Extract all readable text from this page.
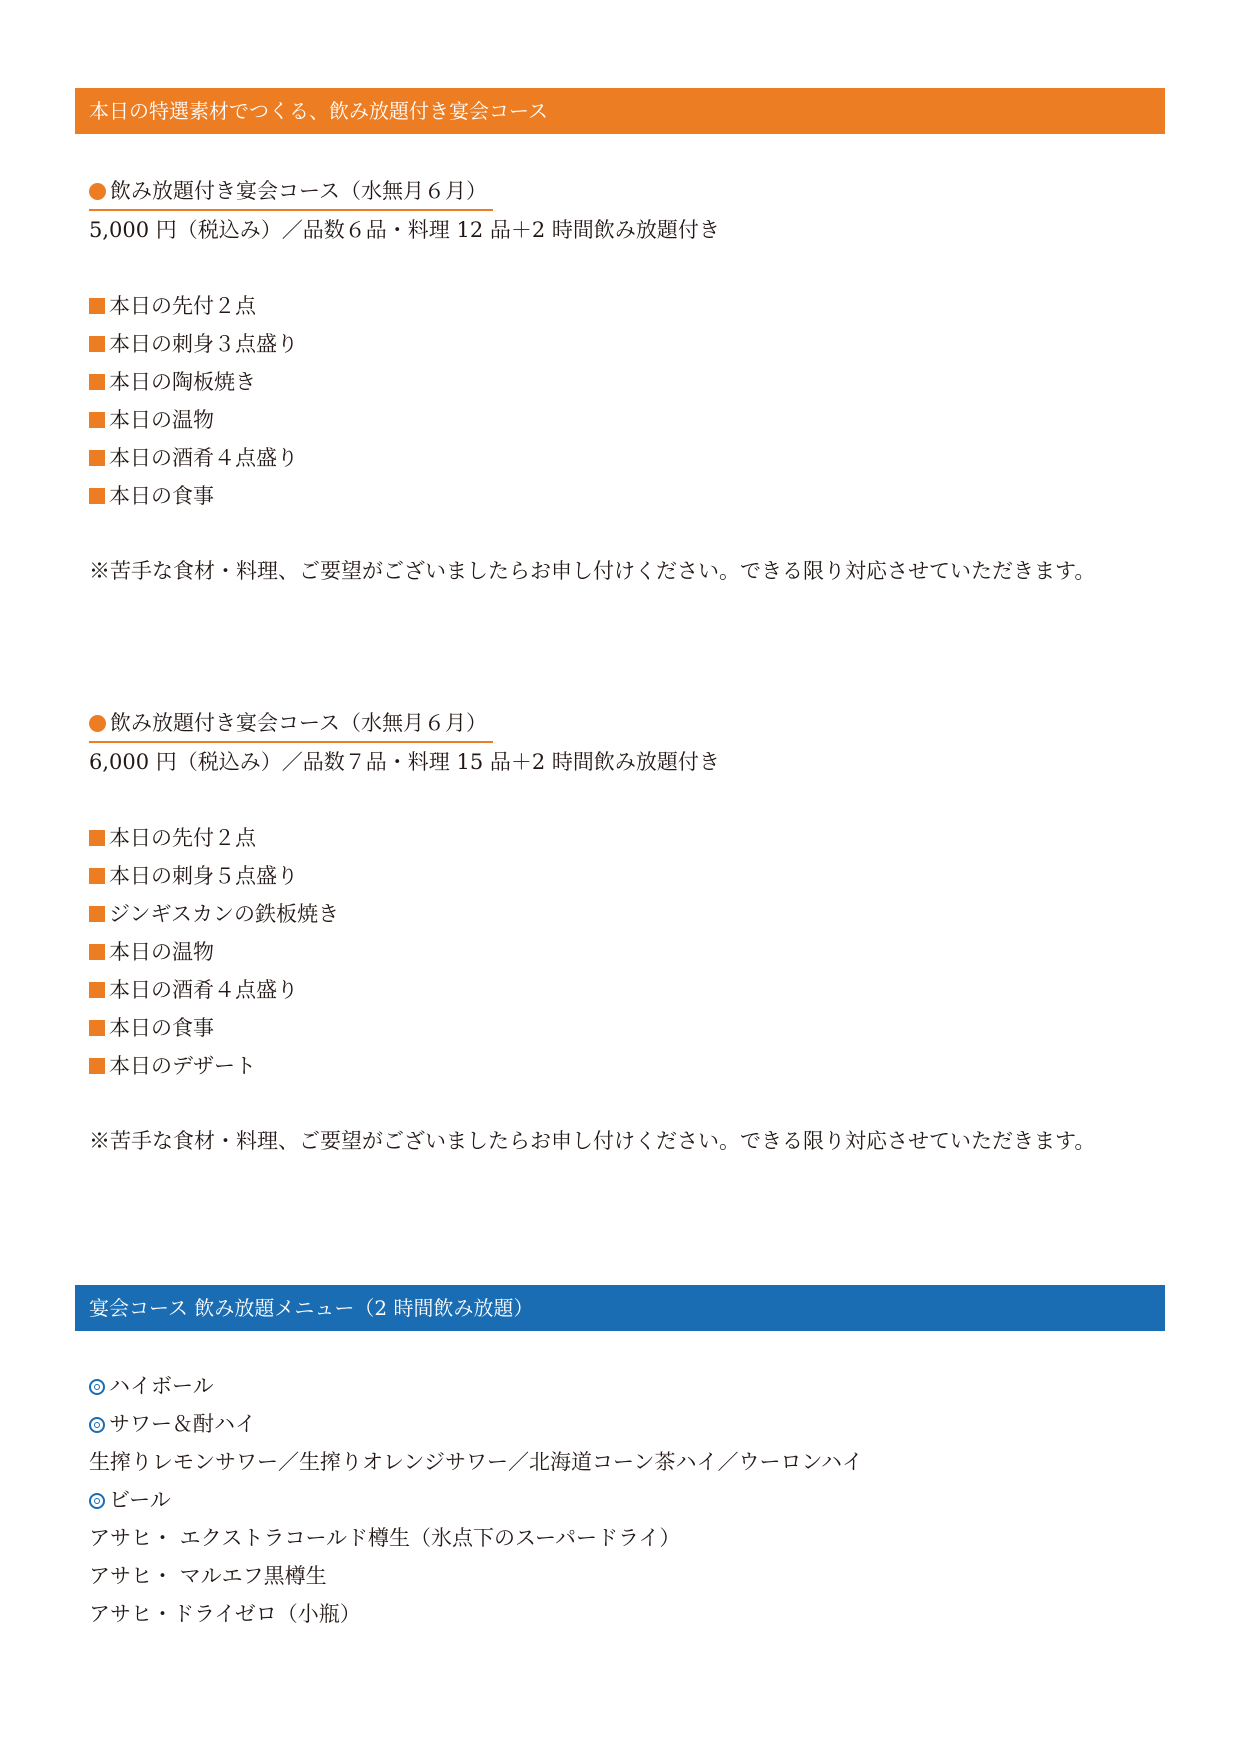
本日の特選素材でつくる、飲み放題付き宴会コース
飲み放題付き宴会コース（水無月６月）
5,000 円（税込み）／品数６品・料理 12 品＋2 時間飲み放題付き
本日の先付２点
本日の刺身３点盛り
本日の陶板焼き
本日の温物
本日の酒肴４点盛り
本日の食事
※苦手な食材・料理、ご要望がございましたらお申し付けください。できる限り対応させていただきます。
飲み放題付き宴会コース（水無月６月）
6,000 円（税込み）／品数７品・料理 15 品＋2 時間飲み放題付き
本日の先付２点
本日の刺身５点盛り
ジンギスカンの鉄板焼き
本日の温物
本日の酒肴４点盛り
本日の食事
本日のデザート
※苦手な食材・料理、ご要望がございましたらお申し付けください。できる限り対応させていただきます。
宴会コース 飲み放題メニュー（2 時間飲み放題）
ハイボール
サワー＆酎ハイ
生搾りレモンサワー／生搾りオレンジサワー／北海道コーン茶ハイ／ウーロンハイ
ビール
アサヒ・ エクストラコールド樽生（氷点下のスーパードライ）
アサヒ・ マルエフ黒樽生
アサヒ・ドライゼロ（小瓶）
